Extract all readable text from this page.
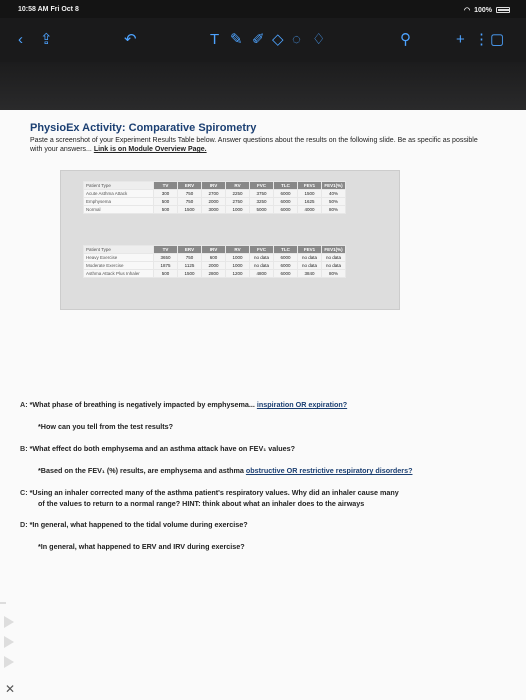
10:58 AM Fri Oct 8	◠ 100%
‹ ⇪	↶	T ✎ ✐ ◇ ◌ ♢	⚲	+ ⋮ ▢
PhysioEx Activity: Comparative Spirometry
Paste a screenshot of your Experiment Results Table below. Answer questions about the results on the following slide. Be as specific as possible with your answers... Link is on Module Overview Page.
Patient Type	TV	ERV	IRV	RV	FVC	TLC	FEV1	FEV1(%)
Acute Asthma Attack	300	750	2700	2250	3750	6000	1500	40%
Emphysema	500	750	2000	2750	3250	6000	1625	50%
Normal	500	1500	3000	1000	5000	6000	4000	80%
Patient Type	TV	ERV	IRV	RV	FVC	TLC	FEV1	FEV1(%)
Heavy Exercise	3650	750	600	1000	no data	6000	no data	no data
Moderate Exercise	1875	1125	2000	1000	no data	6000	no data	no data
Asthma Attack Plus Inhaler	500	1500	2800	1200	4800	6000	3840	80%
A: *What phase of breathing is negatively impacted by emphysema... inspiration OR expiration?
*How can you tell from the test results?
B: *What effect do both emphysema and an asthma attack have on FEV₁ values?
*Based on the FEV₁ (%) results, are emphysema and asthma obstructive OR restrictive respiratory disorders?
C: *Using an inhaler corrected many of the asthma patient's respiratory values. Why did an inhaler cause many
of the values to return to a normal range? HINT: think about what an inhaler does to the airways
D: *In general, what happened to the tidal volume during exercise?
*In general, what happened to ERV and IRV during exercise?
✕
